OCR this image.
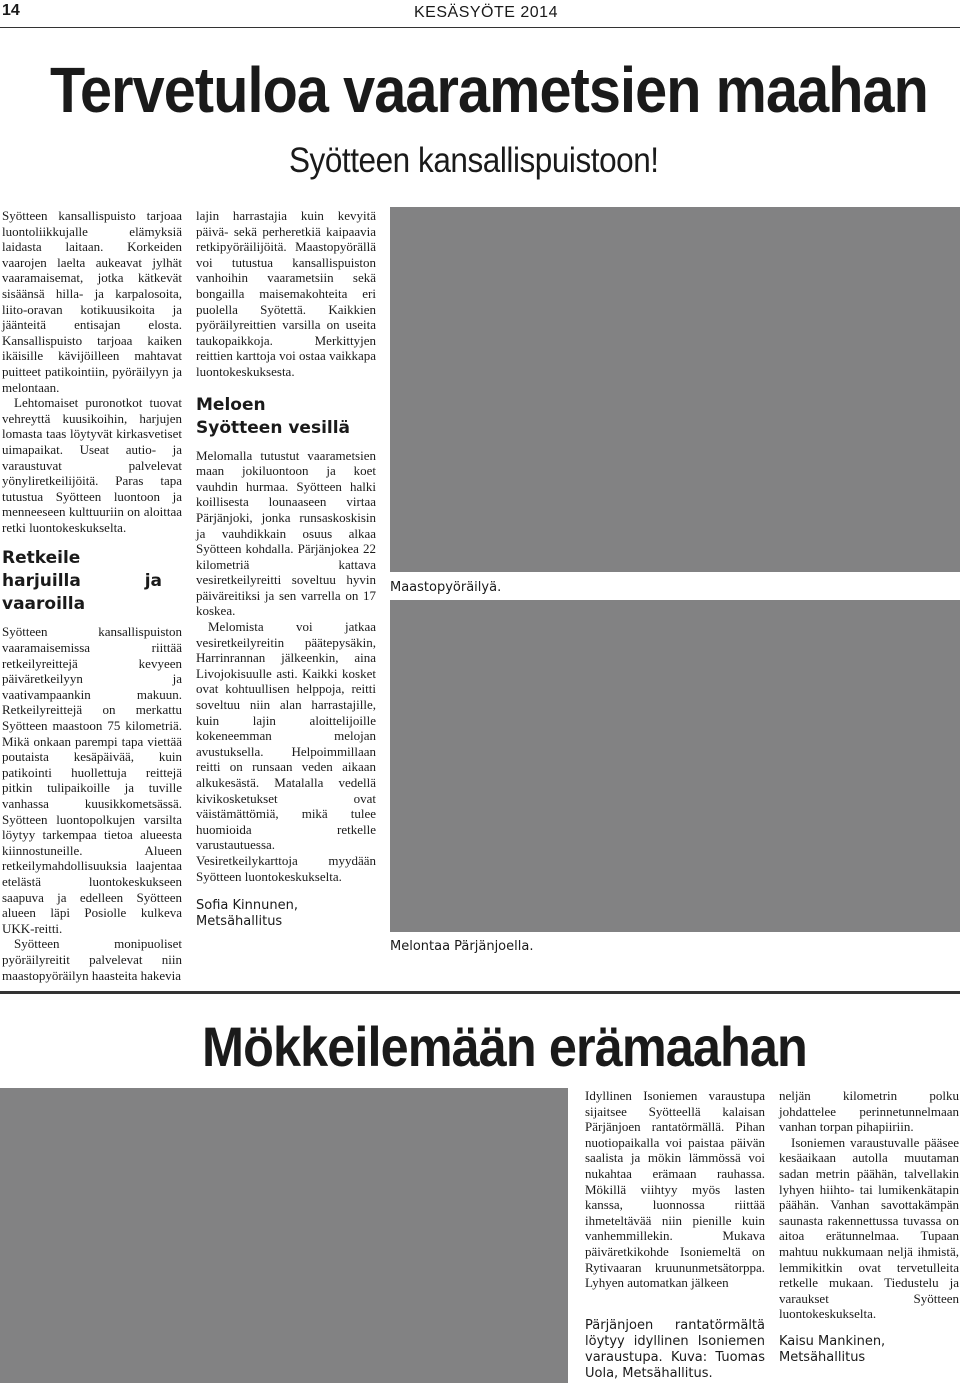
14	KESÄSYÖTE 2014
Tervetuloa vaarametsien maahan
Syötteen kansallispuistoon!

Syötteen kansallispuisto tarjoaa luontoliikkujalle elämyksiä laidasta laitaan. Korkeiden vaarojen laelta aukeavat jylhät vaaramaisemat, jotka kätkevät sisäänsä hilla- ja karpalosoita, liito-oravan kotikuusikoita ja jäänteitä entisajan elosta. Kansallispuisto tarjoaa kaiken ikäisille kävijöilleen mahtavat puitteet patikointiin, pyöräilyyn ja melontaan.

Lehtomaiset puronotkot tuovat vehreyttä kuusikoihin, harjujen lomasta taas löytyvät kirkasvetiset uimapaikat. Useat autio- ja varaustuvat palvelevat yönyliretkeilijöitä. Paras tapa tutustua Syötteen luontoon ja menneeseen kulttuuriin on aloittaa retki luontokeskukselta.

Retkeile harjuilla ja vaaroilla

Syötteen kansallispuiston vaaramaisemissa riittää retkeilyreittejä kevyeen päiväretkeilyyn ja vaativampaankin makuun. Retkeilyreittejä on merkattu Syötteen maastoon 75 kilometriä. Mikä onkaan parempi tapa viettää poutaista kesäpäivää, kuin patikointi huollettuja reittejä pitkin tulipaikoille ja tuville vanhassa kuusikkometsässä. Syötteen luontopolkujen varsilta löytyy tarkempaa tietoa alueesta kiinnostuneille. Alueen retkeilymahdollisuuksia laajentaa etelästä luontokeskukseen saapuva ja edelleen Syötteen alueen läpi Posiolle kulkeva UKK-reitti.

Syötteen monipuoliset pyöräilyreitit palvelevat niin maastopyöräilyn haasteita hakevia

lajin harrastajia kuin kevyitä päivä- sekä perheretkiä kaipaavia retkipyöräilijöitä. Maastopyörällä voi tutustua kansallispuiston vanhoihin vaarametsiin sekä bongailla maisemakohteita eri puolella Syötettä. Kaikkien pyöräilyreittien varsilla on useita taukopaikkoja. Merkittyjen reittien karttoja voi ostaa vaikkapa luontokeskuksesta.

Meloen Syötteen vesillä

Melomalla tutustut vaarametsien maan jokiluontoon ja koet vauhdin hurmaa. Syötteen halki koillisesta lounaaseen virtaa Pärjänjoki, jonka runsaskoskisin ja vauhdikkain osuus alkaa Syötteen kohdalla. Pärjänjokea 22 kilometriä kattava vesiretkeilyreitti soveltuu hyvin päiväreitiksi ja sen varrella on 17 koskea.

Melomista voi jatkaa vesiretkeilyreitin päätepysäkin, Harrinrannan jälkeenkin, aina Livojokisuulle asti. Kaikki kosket ovat kohtuullisen helppoja, reitti soveltuu niin alan harrastajille, kuin lajin aloittelijoille kokeneemman melojan avustuksella. Helpoimmillaan reitti on runsaan veden aikaan alkukesästä. Matalalla vedellä kivikosketukset ovat väistämättömiä, mikä tulee huomioida retkelle varustautuessa. Vesiretkeilykarttoja myydään Syötteen luontokeskukselta.

Sofia Kinnunen,
Metsähallitus
Maastopyöräilyä.
Melontaa Pärjänjoella.
Mökkeilemään erämaahan

Idyllinen Isoniemen varaustupa sijaitsee Syötteellä kalaisan Pärjänjoen rantatörmällä. Pihan nuotiopaikalla voi paistaa päivän saalista ja mökin lämmössä voi nukahtaa erämaan rauhassa. Mökillä viihtyy myös lasten kanssa, luonnossa riittää ihmeteltävää niin pienille kuin vanhemmillekin. Mukava päiväretkikohde Isoniemeltä on Rytivaaran kruununmetsätorppa. Lyhyen automatkan jälkeen

Pärjänjoen rantatörmältä löytyy idyllinen Isoniemen varaustupa. Kuva: Tuomas Uola, Metsähallitus.

neljän kilometrin polku johdattelee perinnetunnelmaan vanhan torpan pihapiiriin.

Isoniemen varaustuvalle pääsee kesäaikaan autolla muutaman sadan metrin päähän, talvellakin lyhyen hiihto- tai lumikenkätapin päähän. Vanhan savottakämpän saunasta rakennettussa tuvassa on aitoa erätunnelmaa. Tupaan mahtuu nukkumaan neljä ihmistä, lemmikitkin ovat tervetulleita retkelle mukaan. Tiedustelu ja varaukset Syötteen luontokeskukselta.

Kaisu Mankinen,
Metsähallitus
